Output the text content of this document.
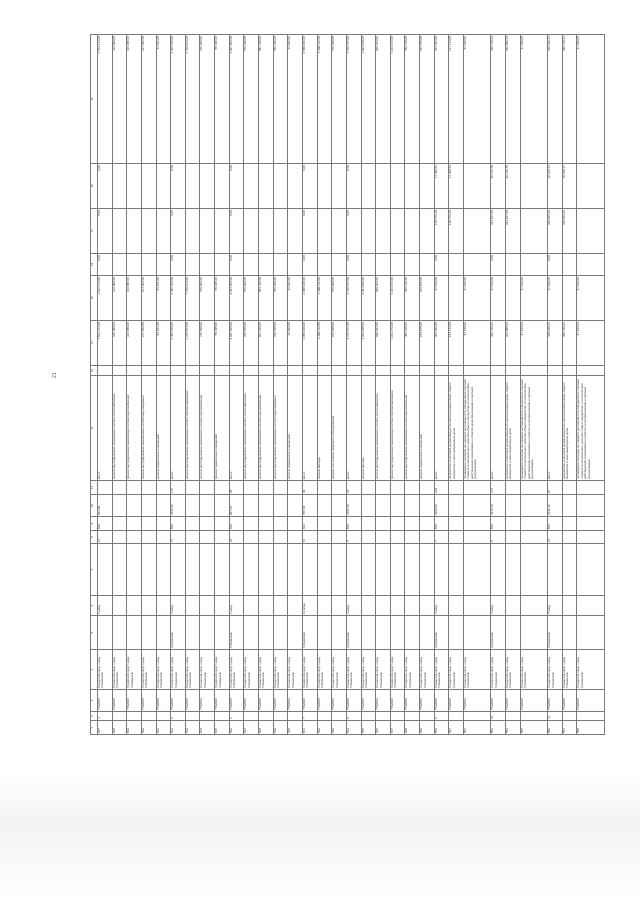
21
1	2	3	4	5	6	7	8	9	10	11	12	13	14	15	16	17	18	19
827	4	7792000	Городской округ город Губкинский		1 м/ед.		16	829	824,00		всего		1 512 173,00	1 512 173,00	0,00	0,00	0,00	1 512 173,00
828		7792000	Городской округ город Губкинский								ремонт внутридомовых инженерных систем теплоснабжения		316 980,00	316 980,00				316 980,00
829		7792000	Городской округ город Губкинский								ремонт внутридомовых инженерных систем водоснабжения		316 980,00	316 980,00				316 980,00
830		7792000	Городской округ город Губкинский								ремонт внутридомовых инженерных систем водоотведения		217 962,00	217 962,00				217 962,00
831		7792000	Городской округ город Губкинский								ремонт подвальных помещений		51 461,00	51 461,00				51 461,00
832	5	7792000	Городской округ город Губкинский	Губкинский	7 м/ед.		17	830	3465,20	170	всего		2 406 709,00	2 406 709,00	0,00	0,00	0,00	2 406 709,00
833		7792000	Городской округ город Губкинский								ремонт внутридомовых инженерных систем электроснабжения		1 370 814,00	1 370 814,00				1 370 814,00
834		7792000	Городской округ город Губкинский								ремонт внутридомовых инженерных систем водоснабжения		760 500,00	760 500,00				760 500,00
835		7792000	Городской округ город Губкинский								ремонт подвальных помещений		55 395,00	55 395,00				55 395,00
836	6	7792000	Городской округ город Губкинский	Губкинский	1 м/ед.		24	839	857,10	28	всего		2 867 956,00	2 867 956,00	0,00	0,00	0,00	2 867 956,00
837		7792000	Городской округ город Губкинский								ремонт внутридомовых инженерных систем теплоснабжения		766 400,00	766 400,00				766 400,00
838		7792000	Городской округ город Губкинский								ремонт внутридомовых инженерных систем водоснабжения		851 340,00	851 340,00				851 340,00
839		7792000	Городской округ город Губкинский								ремонт внутридомовых инженерных систем водоотведения		786 460,00	786 460,00				786 460,00
840		7792000	Городской округ город Губкинский								ремонт подвальных помещений		42 962,00	42 962,00				42 962,00
841	7	7792000	Городской округ город Губкинский	Губкинский	12 м/ед.		11	833	765,40	40	всего		2 058 940,00	2 058 940,00	0,00	0,00	0,00	2 058 940,00
842		7792000	Городской округ город Губкинский								ремонт фасада		1 388 112,00	1 388 112,00				1 388 112,00
843		7792000	Городской округ город Губкинский								ремонт или замена лифтового оборудования		670 828,00	670 828,00				670 828,00
844	8	7792000	Городской округ город Губкинский	Губкинский	3 м/ед.		4	832	1402,70	61	всего		4 762 677,00	4 762 677,00	0,00	0,00	0,00	4 762 677,00
845		7792000	Городской округ город Губкинский								ремонт фасада		2 004 838,00	2 004 838,00				2 004 838,00
846		7792000	Городской округ город Губкинский								ремонт внутридомовых инженерных систем теплоснабжения		890 664,00	890 664,00				890 664,00
847		7792000	Городской округ город Губкинский								ремонт внутридомовых инженерных систем электроснабжения		1 233 172,00	1 233 172,00				1 233 172,00
848		7792000	Городской округ город Губкинский								ремонт внутридомовых инженерных систем водоснабжения		450 128,00	450 128,00				450 128,00
849		7792000	Городской округ город Губкинский								ремонт подвальных помещений		183 875,00	183 875,00				183 875,00
850	9	7792000	Городской округ город Губкинский	Губкинский	7 м/ед.		7	833	3202,00	129	всего		204 662,00	57 490,00	0,00	135 772,49	11 399,51	204 662,00
851		7792000	Городской округ город Губкинский								разработка проектной документации на капитальный ремонт общего имущества в многоквартирном доме		147 172,00			135 772,49	11 399,51	147 172,00
852		7792000	Городской округ город Губкинский								проведение проверки на предмет достоверности определения сметной стоимости капитального ремонта общего имущества и соответствия действующим нормативам в области ценообразования в сметной документации		57 490,00	57 490,00				57 490,00
853	10	7792000	Городской округ город Губкинский	Губкинский	7 м/ед.		8	833	4210,70	176	всего		420 379,62	57 490,00	0,00	342 517,49	20 142,78	420 379,62
854		7792000	Городской округ город Губкинский								разработка проектной документации на капитальный ремонт общего имущества в многоквартирном доме		362 889,62			342 517,49	20 142,78	362 889,62
855		7792000	Городской округ город Губкинский								проведение проверки на предмет достоверности определения сметной стоимости капитального ремонта общего имущества и соответствия действующим нормативам в области ценообразования в сметной документации		57 490,00	57 490,00				57 490,00
856	11	7792000	Городской округ город Губкинский	Губкинский	7 м/ед.		10	833	2311,30	87	всего		438 229,41	57 490,00	0,00	349 824,26	30 915,17	438 229,41
857		7792000	Городской округ город Губкинский								разработка проектной документации на капитальный ремонт общего имущества в многоквартирном доме		380 739,41			349 824,26	30 915,17	380 739,41
858		7792000	Городской округ город Губкинский								проведение проверки на предмет достоверности определения сметной стоимости капитального ремонта общего имущества и соответствия действующим нормативам в области ценообразования в сметной документации		57 490,00	57 490,00				57 490,00
